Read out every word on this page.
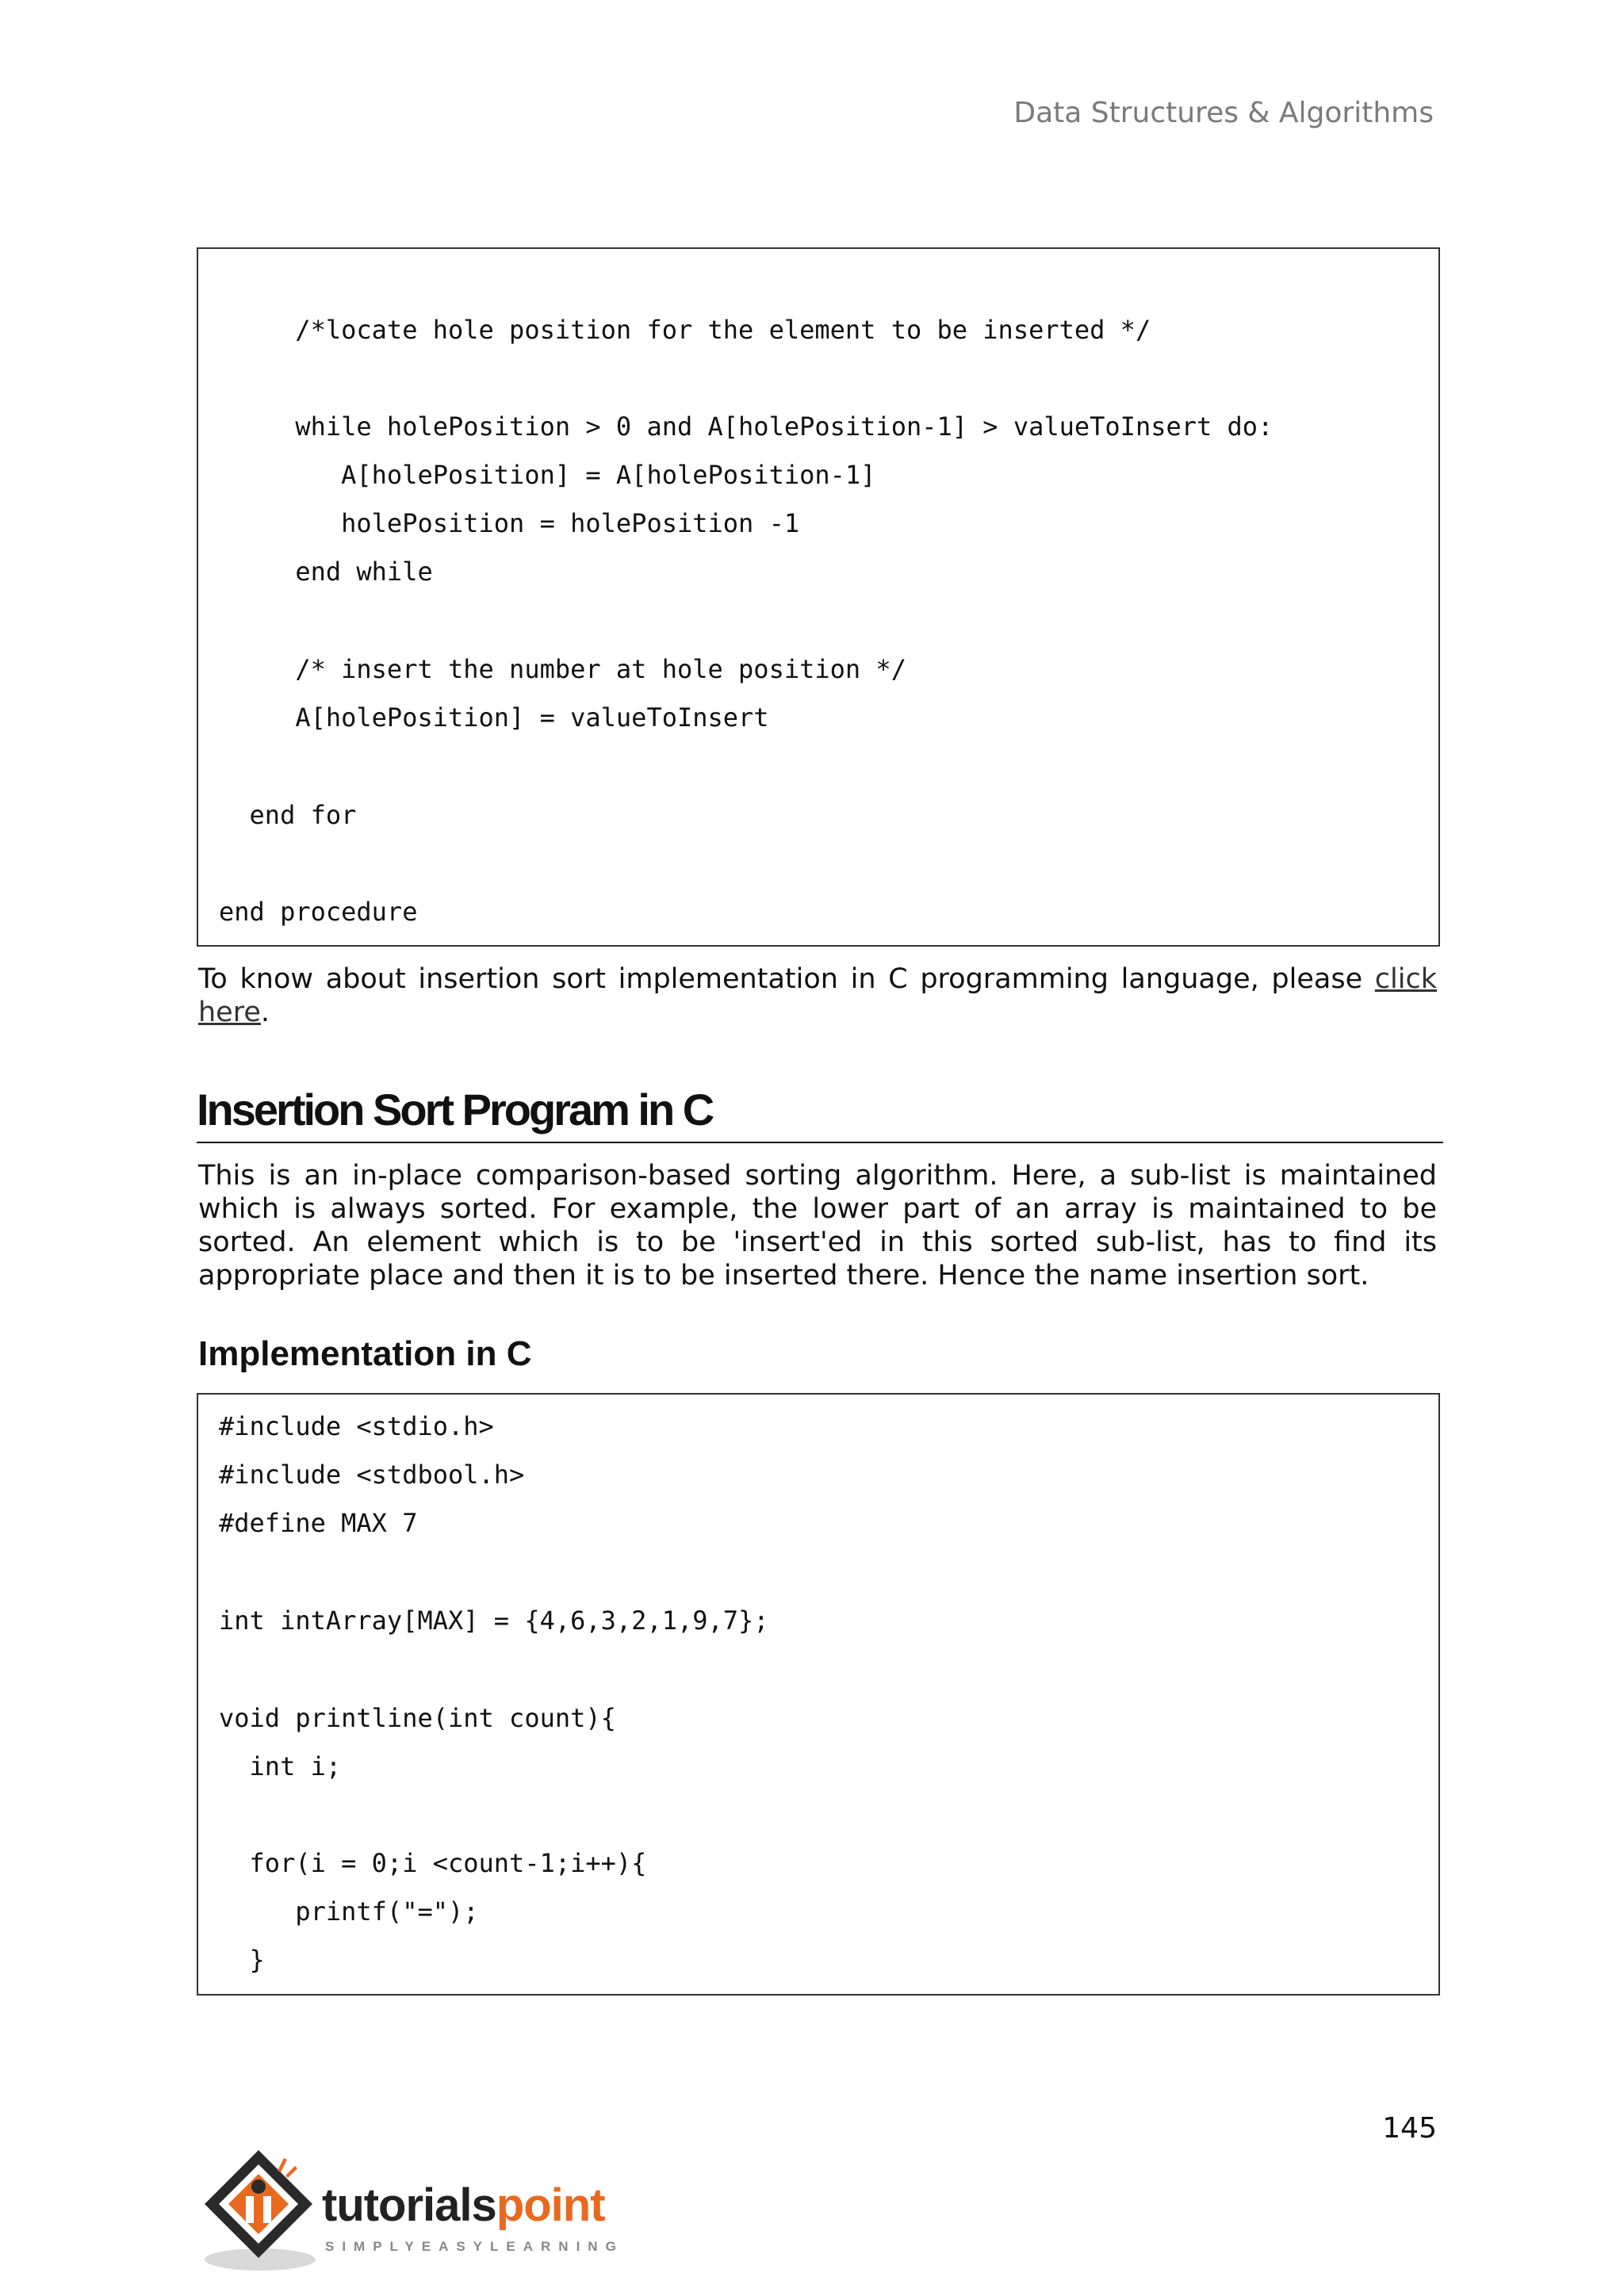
Data Structures & Algorithms
/*locate hole position for the element to be inserted */
while holePosition > 0 and A[holePosition-1] > valueToInsert do:
A[holePosition] = A[holePosition-1]
holePosition = holePosition -1
end while
/* insert the number at hole position */
A[holePosition] = valueToInsert
end for
end procedure
To know about insertion sort implementation in C programming language, please click here.
Insertion Sort Program in C
This is an in-place comparison-based sorting algorithm. Here, a sub-list is maintained which is always sorted. For example, the lower part of an array is maintained to be sorted. An element which is to be 'insert'ed in this sorted sub-list, has to find its appropriate place and then it is to be inserted there. Hence the name insertion sort.
Implementation in C
#include <stdio.h>
#include <stdbool.h>
#define MAX 7
int intArray[MAX] = {4,6,3,2,1,9,7};
void printline(int count){
int i;
for(i = 0;i <count-1;i++){
printf("=");
}
145
tutorialspoint
SIMPLYEASYLEARNING
